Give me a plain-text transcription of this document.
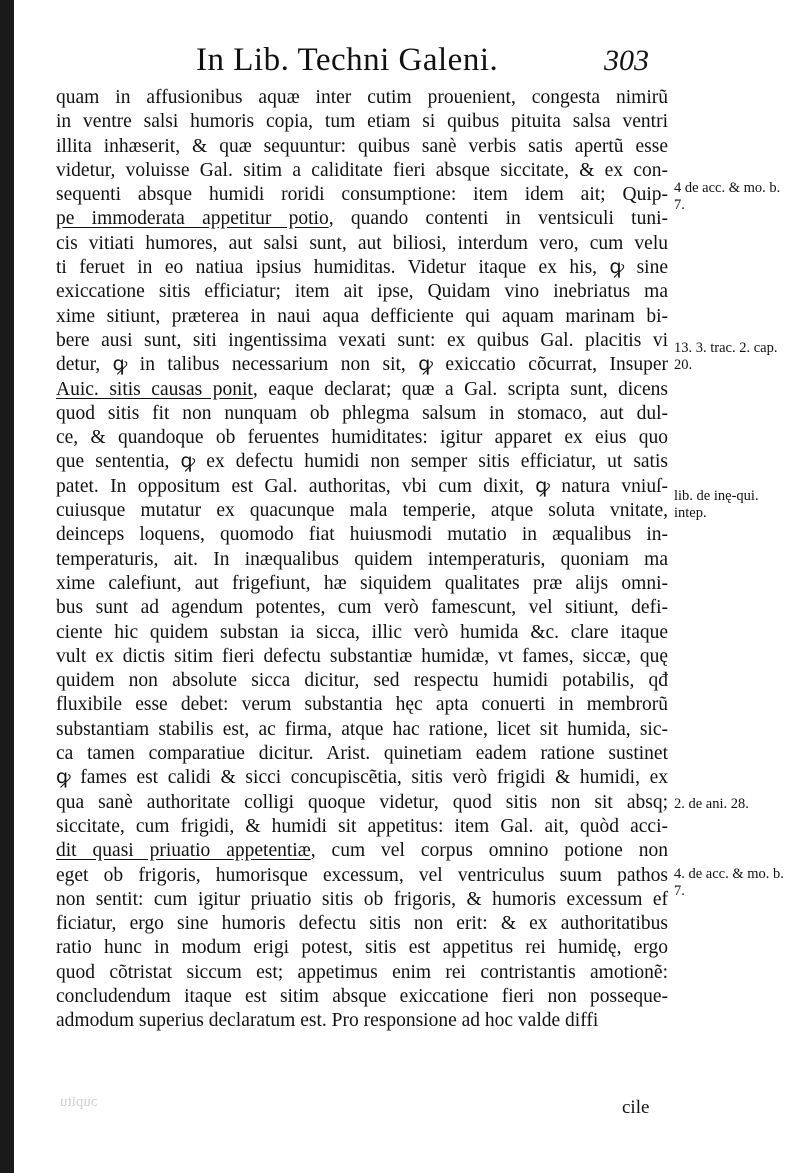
In Lib. Techni Galeni.	303
quam in affusionibus aquæ inter cutim prouenient, congesta nimirũ
in ventre salsi humoris copia, tum etiam si quibus pituita salsa ventri
illita inhæserit, & quæ sequuntur: quibus sanè verbis satis apertũ esse
videtur, voluisse Gal. sitim a caliditate fieri absque siccitate, & ex con-
sequenti absque humidi roridi consumptione: item idem ait; Quip-
pe immoderata appetitur potio, quando contenti in ventsiculi tuni-
cis vitiati humores, aut salsi sunt, aut biliosi, interdum vero, cum velu
ti feruet in eo natiua ipsius humiditas. Videtur itaque ex his, ꝙ sine
exiccatione sitis efficiatur; item ait ipse, Quidam vino inebriatus ma
xime sitiunt, præterea in naui aqua defficiente qui aquam marinam bi-
bere ausi sunt, siti ingentissima vexati sunt: ex quibus Gal. placitis vi
detur, ꝙ in talibus necessarium non sit, ꝙ exiccatio cõcurrat, Insuper
Auic. sitis causas ponit, eaque declarat; quæ a Gal. scripta sunt, dicens
quod sitis fit non nunquam ob phlegma salsum in stomaco, aut dul-
ce, & quandoque ob feruentes humiditates: igitur apparet ex eius quo
que sententia, ꝙ ex defectu humidi non semper sitis efficiatur, ut satis
patet. In oppositum est Gal. authoritas, vbi cum dixit, ꝙ natura vniuſ-
cuiusque mutatur ex quacunque mala temperie, atque soluta vnitate,
deinceps loquens, quomodo fiat huiusmodi mutatio in æqualibus in-
temperaturis, ait. In inæqualibus quidem intemperaturis, quoniam ma
xime calefiunt, aut frigefiunt, hæ siquidem qualitates præ alijs omni-
bus sunt ad agendum potentes, cum verò famescunt, vel sitiunt, defi-
ciente hic quidem substan ia sicca, illic verò humida &c. clare itaque
vult ex dictis sitim fieri defectu substantiæ humidæ, vt fames, siccæ, quę
quidem non absolute sicca dicitur, sed respectu humidi potabilis, qđ
fluxibile esse debet: verum substantia hęc apta conuerti in membrorũ
substantiam stabilis est, ac firma, atque hac ratione, licet sit humida, sic-
ca tamen comparatiue dicitur. Arist. quinetiam eadem ratione sustinet
ꝙ fames est calidi & sicci concupiscẽtia, sitis verò frigidi & humidi, ex
qua sanè authoritate colligi quoque videtur, quod sitis non sit absq;
siccitate, cum frigidi, & humidi sit appetitus: item Gal. ait, quòd acci-
dit quasi priuatio appetentiæ, cum vel corpus omnino potione non
eget ob frigoris, humorisque excessum, vel ventriculus suum pathos
non sentit: cum igitur priuatio sitis ob frigoris, & humoris excessum ef
ficiatur, ergo sine humoris defectu sitis non erit: & ex authoritatibus
ratio hunc in modum erigi potest, sitis est appetitus rei humidę, ergo
quod cõtristat siccum est; appetimus enim rei contristantis amotionẽ:
concludendum itaque est sitim absque exiccatione fieri non posseque-
admodum superius declaratum est. Pro responsione ad hoc valde diffi
4 de acc. & mo. b. 7.
13. 3. trac. 2. cap. 20.
lib. de inę-qui. intep.
2. de ani. 28.
4. de acc. & mo. b. 7.
ɔupitu	cile
